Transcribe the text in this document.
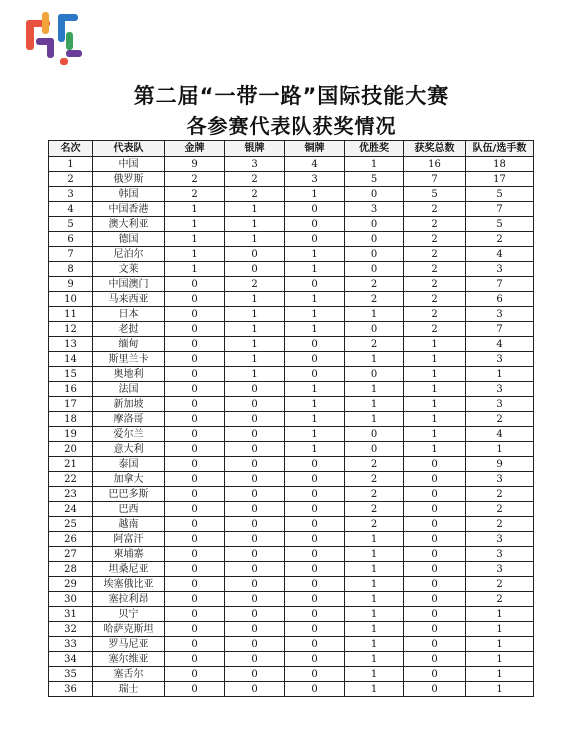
第二届“一带一路”国际技能大赛
各参赛代表队获奖情况
名次	代表队	金牌	银牌	铜牌	优胜奖	获奖总数	队伍/选手数
1	中国	9	3	4	1	16	18
2	俄罗斯	2	2	3	5	7	17
3	韩国	2	2	1	0	5	5
4	中国香港	1	1	0	3	2	7
5	澳大利亚	1	1	0	0	2	5
6	德国	1	1	0	0	2	2
7	尼泊尔	1	0	1	0	2	4
8	文莱	1	0	1	0	2	3
9	中国澳门	0	2	0	2	2	7
10	马来西亚	0	1	1	2	2	6
11	日本	0	1	1	1	2	3
12	老挝	0	1	1	0	2	7
13	缅甸	0	1	0	2	1	4
14	斯里兰卡	0	1	0	1	1	3
15	奥地利	0	1	0	0	1	1
16	法国	0	0	1	1	1	3
17	新加坡	0	0	1	1	1	3
18	摩洛哥	0	0	1	1	1	2
19	爱尔兰	0	0	1	0	1	4
20	意大利	0	0	1	0	1	1
21	泰国	0	0	0	2	0	9
22	加拿大	0	0	0	2	0	3
23	巴巴多斯	0	0	0	2	0	2
24	巴西	0	0	0	2	0	2
25	越南	0	0	0	2	0	2
26	阿富汗	0	0	0	1	0	3
27	柬埔寨	0	0	0	1	0	3
28	坦桑尼亚	0	0	0	1	0	3
29	埃塞俄比亚	0	0	0	1	0	2
30	塞拉利昂	0	0	0	1	0	2
31	贝宁	0	0	0	1	0	1
32	哈萨克斯坦	0	0	0	1	0	1
33	罗马尼亚	0	0	0	1	0	1
34	塞尔维亚	0	0	0	1	0	1
35	塞舌尔	0	0	0	1	0	1
36	瑞士	0	0	0	1	0	1
